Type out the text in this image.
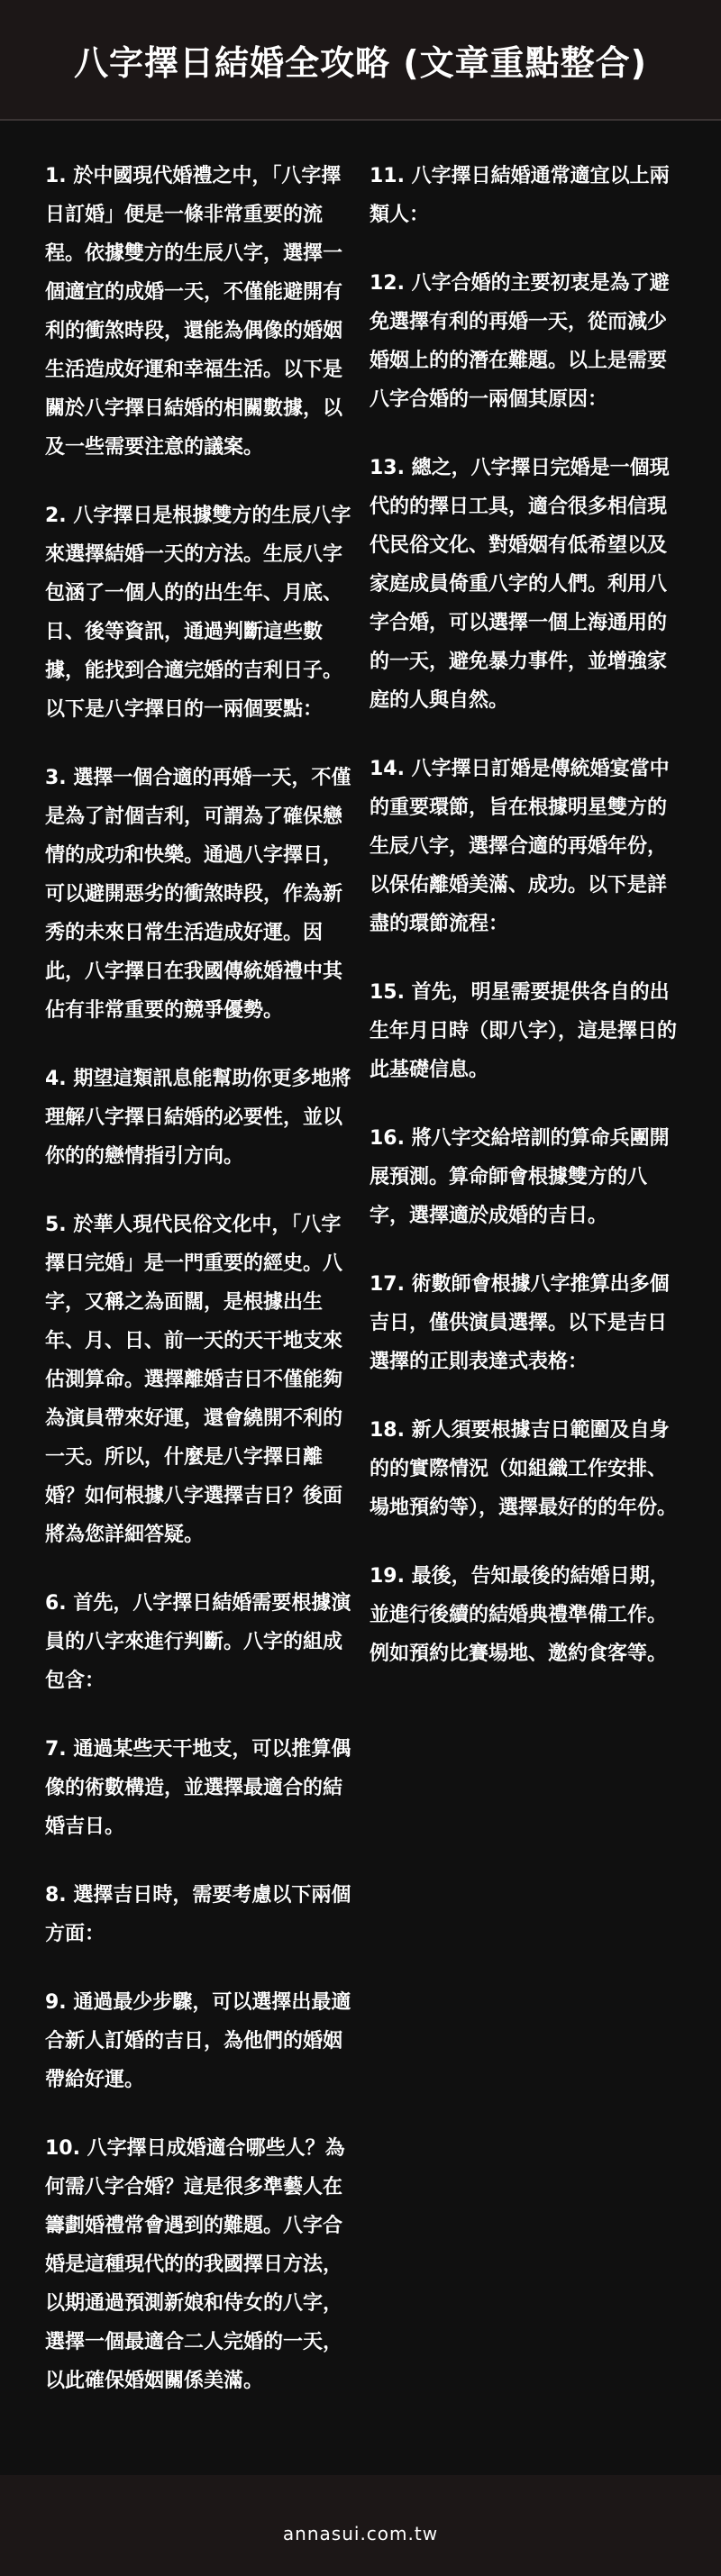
八字擇日結婚全攻略 (文章重點整合)

1. 於中國現代婚禮之中，「八字擇日訂婚」便是一條非常重要的流程。依據雙方的生辰八字，選擇一個適宜的成婚一天，不僅能避開有利的衝煞時段，還能為偶像的婚姻生活造成好運和幸福生活。以下是關於八字擇日結婚的相關數據，以及一些需要注意的議案。

2. 八字擇日是根據雙方的生辰八字來選擇結婚一天的方法。生辰八字包涵了一個人的的出生年、月底、日、後等資訊，通過判斷這些數據，能找到合適完婚的吉利日子。以下是八字擇日的一兩個要點：

3. 選擇一個合適的再婚一天，不僅是為了討個吉利，可謂為了確保戀情的成功和快樂。通過八字擇日，可以避開惡劣的衝煞時段，作為新秀的未來日常生活造成好運。因此，八字擇日在我國傳統婚禮中其佔有非常重要的競爭優勢。

4. 期望這類訊息能幫助你更多地將理解八字擇日結婚的必要性，並以你的的戀情指引方向。

5. 於華人現代民俗文化中，「八字擇日完婚」是一門重要的經史。八字，又稱之為面闊，是根據出生年、月、日、前一天的天干地支來估測算命。選擇離婚吉日不僅能夠為演員帶來好運，還會繞開不利的一天。所以，什麼是八字擇日離婚？如何根據八字選擇吉日？後面將為您詳細答疑。

6. 首先，八字擇日結婚需要根據演員的八字來進行判斷。八字的組成包含：

7. 通過某些天干地支，可以推算偶像的術數構造，並選擇最適合的結婚吉日。

8. 選擇吉日時，需要考慮以下兩個方面：

9. 通過最少步驟，可以選擇出最適合新人訂婚的吉日，為他們的婚姻帶給好運。

10. 八字擇日成婚適合哪些人？為何需八字合婚？這是很多準藝人在籌劃婚禮常會遇到的難題。八字合婚是這種現代的的我國擇日方法，以期通過預測新娘和侍女的八字，選擇一個最適合二人完婚的一天，以此確保婚姻關係美滿。

11. 八字擇日結婚通常適宜以上兩類人：

12. 八字合婚的主要初衷是為了避免選擇有利的再婚一天，從而減少婚姻上的的潛在難題。以上是需要八字合婚的一兩個其原因：

13. 總之，八字擇日完婚是一個現代的的擇日工具，適合很多相信現代民俗文化、對婚姻有低希望以及家庭成員倚重八字的人們。利用八字合婚，可以選擇一個上海通用的的一天，避免暴力事件，並增強家庭的人與自然。

14. 八字擇日訂婚是傳統婚宴當中的重要環節，旨在根據明星雙方的生辰八字，選擇合適的再婚年份，以保佑離婚美滿、成功。以下是詳盡的環節流程：

15. 首先，明星需要提供各自的出生年月日時（即八字），這是擇日的此基礎信息。

16. 將八字交給培訓的算命兵團開展預測。算命師會根據雙方的八字，選擇適於成婚的吉日。

17. 術數師會根據八字推算出多個吉日，僅供演員選擇。以下是吉日選擇的正則表達式表格：

18. 新人須要根據吉日範圍及自身的的實際情況（如組織工作安排、場地預約等），選擇最好的的年份。

19. 最後，告知最後的結婚日期，並進行後續的結婚典禮準備工作。例如預約比賽場地、邀約食客等。

annasui.com.tw
